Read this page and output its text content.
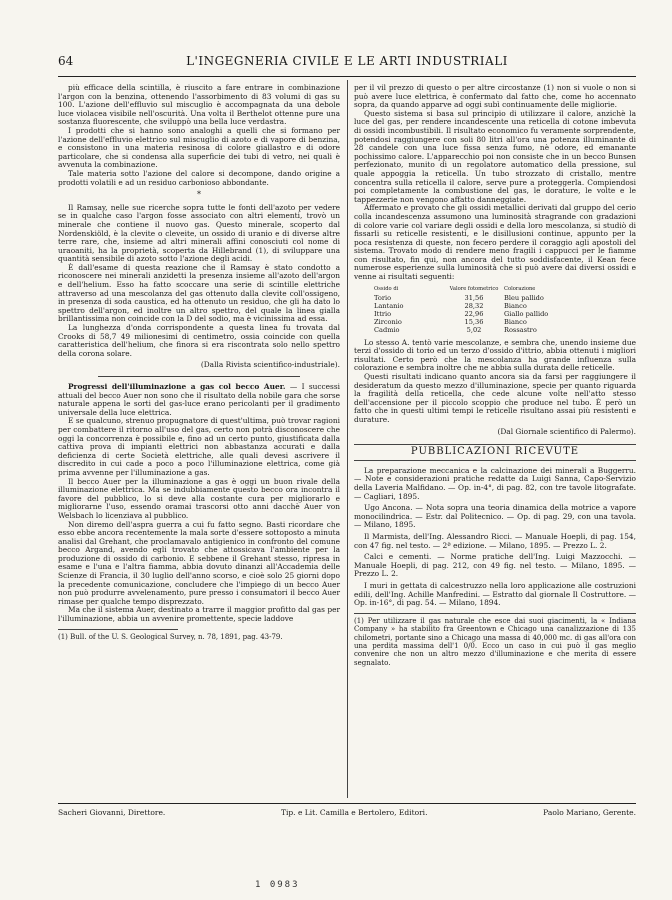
64	L'INGEGNERIA CIVILE E LE ARTI INDUSTRIALI

più efficace della scintilla, è riuscito a fare entrare in combinazione l'argon con la benzina, ottenendo l'assorbimento di 83 volumi di gas su 100. L'azione dell'effluvio sul miscuglio è accompagnata da una debole luce violacea visibile nell'oscurità. Una volta il Berthelot ottenne pure una sostanza fluorescente, che sviluppò una bella luce verdastra.

I prodotti che si hanno sono analoghi a quelli che si formano per l'azione dell'effluvio elettrico sul miscuglio di azoto e di vapore di benzina, e consistono in una materia resinosa di colore giallastro e di odore particolare, che si condensa alla superficie dei tubi di vetro, nei quali è avvenuta la combinazione.

Tale materia sotto l'azione del calore si decompone, dando origine a prodotti volatili e ad un residuo carbonioso abbondante.

*

Il Ramsay, nelle sue ricerche sopra tutte le fonti dell'azoto per vedere se in qualche caso l'argon fosse associato con altri elementi, trovò un minerale che contiene il nuovo gas. Questo minerale, scoperto dal Nordenskiöld, è la clevite o cleveite, un ossido di uranio e di diverse altre terre rare, che, insieme ad altri minerali affini conosciuti col nome di uraoaniti, ha la proprietà, scoperta da Hillebrand (1), di sviluppare una quantità sensibile di azoto sotto l'azione degli acidi.

È dall'esame di questa reazione che il Ramsay è stato condotto a riconoscere nei minerali anzidetti la presenza insieme all'azoto dell'argon e dell'helium. Esso ha fatto scoccare una serie di scintille elettriche attraverso ad una mescolanza del gas ottenuto dalla clevite coll'ossigeno, in presenza di soda caustica, ed ha ottenuto un residuo, che gli ha dato lo spettro dell'argon, ed inoltre un altro spettro, del quale la linea gialla brillantissima non coincide con la D del sodio, ma è vicinissima ad essa.

La lunghezza d'onda corrispondente a questa linea fu trovata dal Crooks di 58,7 49 milionesimi di centimetro, ossia coincide con quella caratteristica dell'helium, che finora si era riscontrata solo nello spettro della corona solare.

(Dalla Rivista scientifico-industriale).

Progressi dell'illuminazione a gas col becco Auer. — I successi attuali del becco Auer non sono che il risultato della nobile gara che sorse naturale appena le sorti del gas-luce erano pericolanti per il gradimento universale della luce elettrica.

E se qualcuno, strenuo propugnatore di quest'ultima, può trovar ragioni per combattere il ritorno all'uso del gas, certo non potrà disconoscere che oggi la concorrenza è possibile e, fino ad un certo punto, giustificata dalla cattiva prova di impianti elettrici non abbastanza accurati e dalla deficienza di certe Società elettriche, alle quali devesi ascrivere il discredito in cui cade a poco a poco l'illuminazione elettrica, come già prima avvenne per l'illuminazione a gas.

Il becco Auer per la illuminazione a gas è oggi un buon rivale della illuminazione elettrica. Ma se indubbiamente questo becco ora incontra il favore del pubblico, lo si deve alla costante cura per migliorarlo e migliorarne l'uso, essendo oramai trascorsi otto anni dacchè Auer von Welsbach lo licenziava al pubblico.

Non diremo dell'aspra guerra a cui fu fatto segno. Basti ricordare che esso ebbe ancora recentemente la mala sorte d'essere sottoposto a minuta analisi dal Grehant, che proclamavalo antigienico in confronto del comune becco Argand, avendo egli trovato che attossicava l'ambiente per la produzione di ossido di carbonio. E sebbene il Grehant stesso, ripresa in esame e l'una e l'altra fiamma, abbia dovuto dinanzi all'Accademia delle Scienze di Francia, il 30 luglio dell'anno scorso, e cioè solo 25 giorni dopo la precedente comunicazione, concludere che l'impiego di un becco Auer non può produrre avvelenamento, pure presso i consumatori il becco Auer rimase per qualche tempo disprezzato.

Ma che il sistema Auer, destinato a trarre il maggior profitto dal gas per l'illuminazione, abbia un avvenire promettente, specie laddove

(1) Bull. of the U. S. Geological Survey, n. 78, 1891, pag. 43-79.

per il vil prezzo di questo o per altre circostanze (1) non si vuole o non si può avere luce elettrica, è confermato dal fatto che, come ho accennato sopra, da quando apparve ad oggi subì continuamente delle migliorie.

Questo sistema si basa sul principio di utilizzare il calore, anzichè la luce del gas, per rendere incandescente una reticella di cotone imbevuta di ossidi incombustibili. Il risultato economico fu veramente sorprendente, potendosi raggiungere con soli 80 litri all'ora una potenza illuminante di 28 candele con una luce fissa senza fumo, nè odore, ed emanante pochissimo calore. L'apparecchio poi non consiste che in un becco Bunsen perfezionato, munito di un regolatore automatico della pressione, sul quale appoggia la reticella. Un tubo strozzato di cristallo, mentre concentra sulla reticella il calore, serve pure a proteggerla. Compiendosi poi completamente la combustione del gas, le dorature, le volte e le tappezzerie non vengono affatto danneggiate.

Affermato e provato che gli ossidi metallici derivati dal gruppo del cerio colla incandescenza assumono una luminosità stragrande con gradazioni di colore varie col variare degli ossidi e della loro mescolanza, si studiò di fissarli su reticelle resistenti, e le disillusioni continue, appunto per la poca resistenza di queste, non fecero perdere il coraggio agli apostoli del sistema. Trovato modo di rendere meno fragili i cappucci per le fiamme con risultato, fin qui, non ancora del tutto soddisfacente, il Kean fece numerose esperienze sulla luminosità che si può avere dai diversi ossidi e venne ai risultati seguenti:

Ossido di	Valore fotometrico	Colorazione
Torio	31,56	Bleu pallido
Lantanio	28,32	Bianco
Ittrio	22,96	Giallo pallido
Zirconio	15,36	Bianco
Cadmio	5,02	Rossastro

Lo stesso A. tentò varie mescolanze, e sembra che, unendo insieme due terzi d'ossido di torio ed un terzo d'ossido d'ittrio, abbia ottenuti i migliori risultati. Certo però che la mescolanza ha grande influenza sulla colorazione e sembra inoltre che ne abbia sulla durata delle reticelle.

Questi risultati indicano quanto ancora sia da farsi per raggiungere il desideratum da questo mezzo d'illuminazione, specie per quanto riguarda la fragilità della reticella, che cede alcune volte nell'atto stesso dell'accensione per il piccolo scoppio che produce nel tubo. È però un fatto che in questi ultimi tempi le reticelle risultano assai più resistenti e durature.

(Dal Giornale scientifico di Palermo).

PUBBLICAZIONI RICEVUTE

La preparazione meccanica e la calcinazione dei minerali a Buggerru. — Note e considerazioni pratiche redatte da Luigi Sanna, Capo-Servizio della Laveria Malfidano. — Op. in-4°, di pag. 82, con tre tavole litografate. — Cagliari, 1895.

Ugo Ancona. — Nota sopra una teoria dinamica della motrice a vapore monocilindrica. — Estr. dal Politecnico. — Op. di pag. 29, con una tavola. — Milano, 1895.

Il Marmista, dell'Ing. Alessandro Ricci. — Manuale Hoepli, di pag. 154, con 47 fig. nel testo. — 2ª edizione. — Milano, 1895. — Prezzo L. 2.

Calci e cementi. — Norme pratiche dell'Ing. Luigi Mazzocchi. — Manuale Hoepli, di pag. 212, con 49 fig. nel testo. — Milano, 1895. — Prezzo L. 2.

I muri in gettata di calcestruzzo nella loro applicazione alle costruzioni edili, dell'Ing. Achille Manfredini. — Estratto dal giornale Il Costruttore. — Op. in-16°, di pag. 54. — Milano, 1894.

(1) Per utilizzare il gas naturale che esce dai suoi giacimenti, la « Indiana Company » ha stabilito fra Greentown e Chicago una canalizzazione di 135 chilometri, portante sino a Chicago una massa di 40,000 mc. di gas all'ora con una perdita massima dell'1 0/0. Ecco un caso in cui può il gas meglio convenire che non un altro mezzo d'illuminazione e che merita di essere segnalato.
Sacheri Giovanni, Direttore.	Tip. e Lit. Camilla e Bertolero, Editori.	Paolo Mariano, Gerente.
1 0983
